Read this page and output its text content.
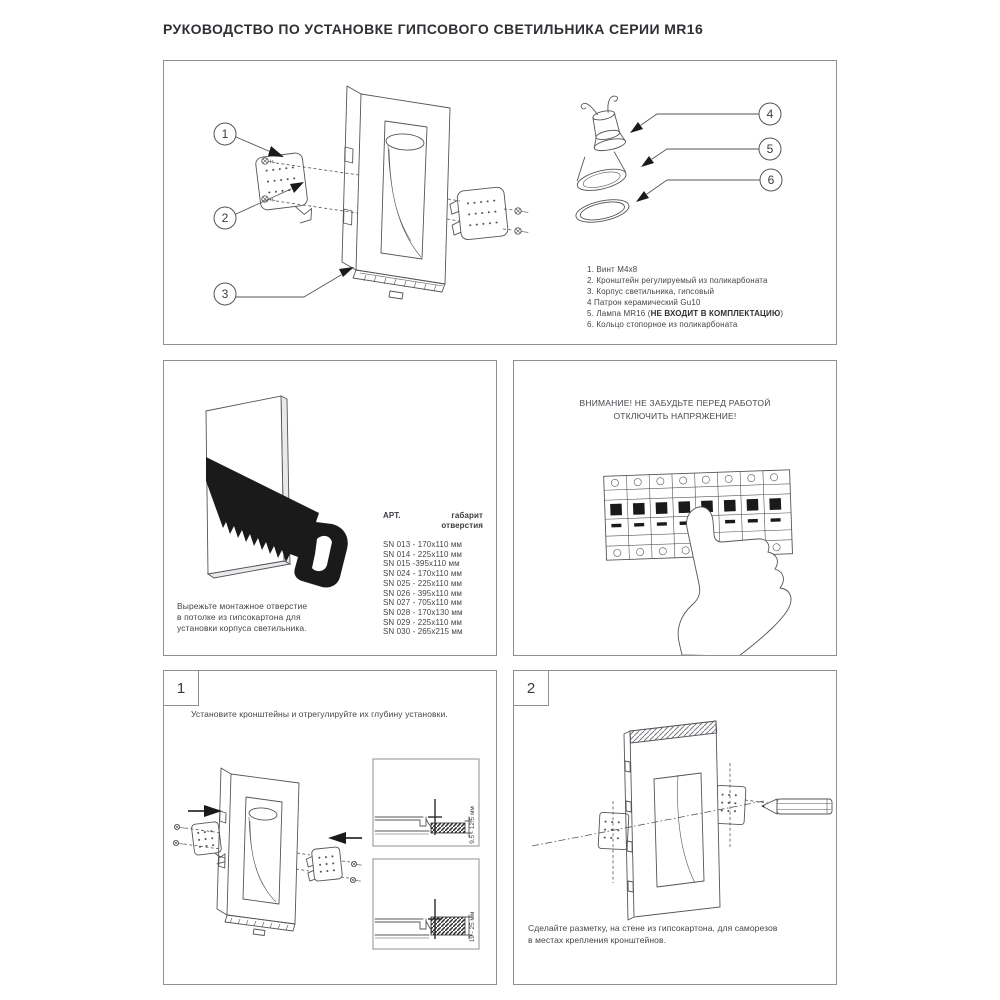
РУКОВОДСТВО ПО УСТАНОВКЕ ГИПСОВОГО СВЕТИЛЬНИКА СЕРИИ MR16
1
2
3
4
5
6
1. Винт M4x8
2. Кронштейн регулируемый из поликарбоната
3. Корпус светильника, гипсовый
4 Патрон керамический Gu10
5. Лампа MR16 (НЕ ВХОДИТ В КОМПЛЕКТАЦИЮ)
6. Кольцо стопорное из поликарбоната
Вырежьте монтажное отверстие
в потолке из гипсокартона для
установки корпуса светильника.
АРТ.	габарит
отверстия
SN 013 - 170x110 мм
SN 014 - 225x110 мм
SN 015 -395x110 мм
SN 024 - 170x110 мм
SN 025 - 225x110 мм
SN 026 - 395x110 мм
SN 027 - 705x110 мм
SN 028 - 170x130 мм
SN 029 - 225x110 мм
SN 030 - 265x215 мм
ВНИМАНИЕ! НЕ ЗАБУДЬТЕ ПЕРЕД РАБОТОЙ
ОТКЛЮЧИТЬ НАПРЯЖЕНИЕ!
1
Установите кронштейны и отрегулируйте их глубину установки.
9.5 - 12.5 мм
19 - 25 мм
2
Сделайте разметку, на стене из гипсокартона, для саморезов
в местах крепления кронштейнов.
